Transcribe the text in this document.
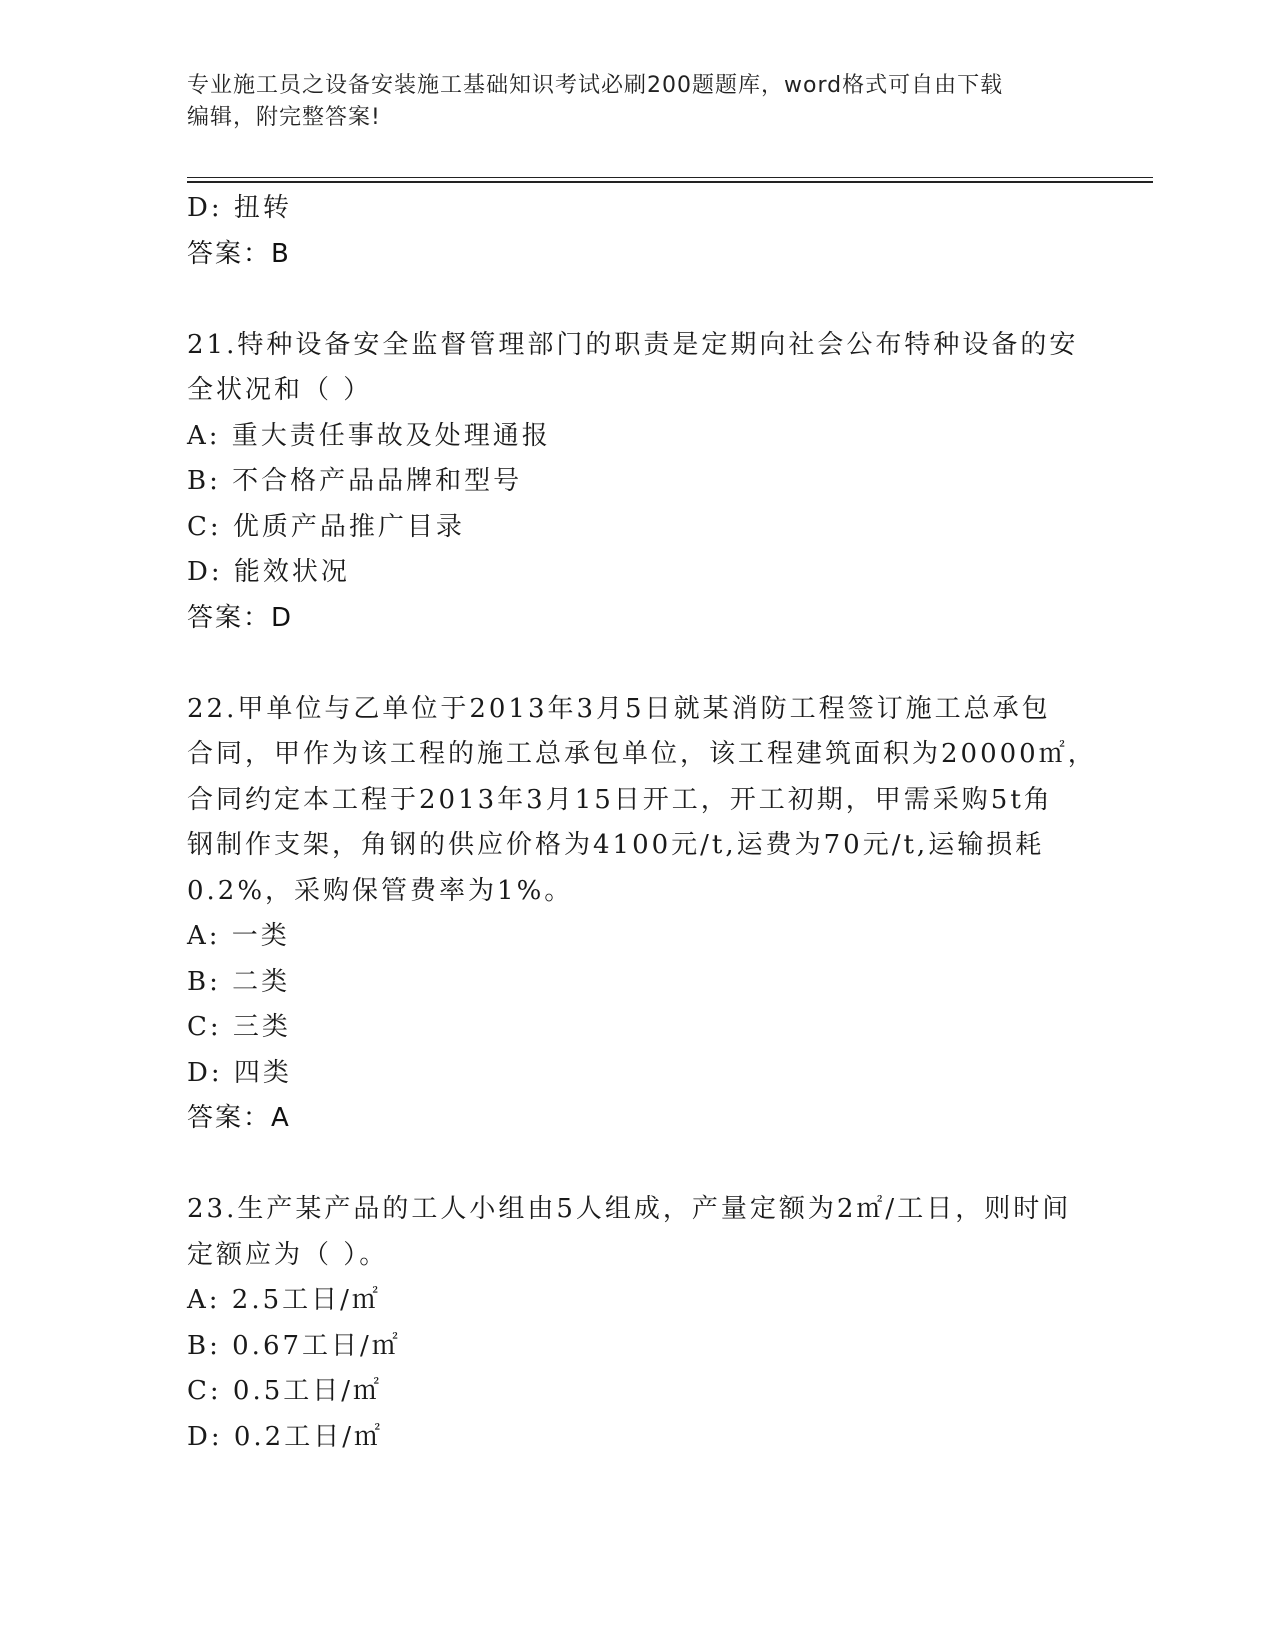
专业施工员之设备安装施工基础知识考试必刷200题题库，word格式可自由下载
编辑，附完整答案!
D: 扭转
答案：B
21.特种设备安全监督管理部门的职责是定期向社会公布特种设备的安
全状况和（ ）
A: 重大责任事故及处理通报
B: 不合格产品品牌和型号
C: 优质产品推广目录
D: 能效状况
答案：D
22.甲单位与乙单位于2013年3月5日就某消防工程签订施工总承包
合同，甲作为该工程的施工总承包单位，该工程建筑面积为20000㎡，
合同约定本工程于2013年3月15日开工，开工初期，甲需采购5t角
钢制作支架，角钢的供应价格为4100元/t,运费为70元/t,运输损耗
0.2%，采购保管费率为1%。
A: 一类
B: 二类
C: 三类
D: 四类
答案：A
23.生产某产品的工人小组由5人组成，产量定额为2㎡/工日，则时间
定额应为（ ）。
A: 2.5工日/㎡
B: 0.67工日/㎡
C: 0.5工日/㎡
D: 0.2工日/㎡
